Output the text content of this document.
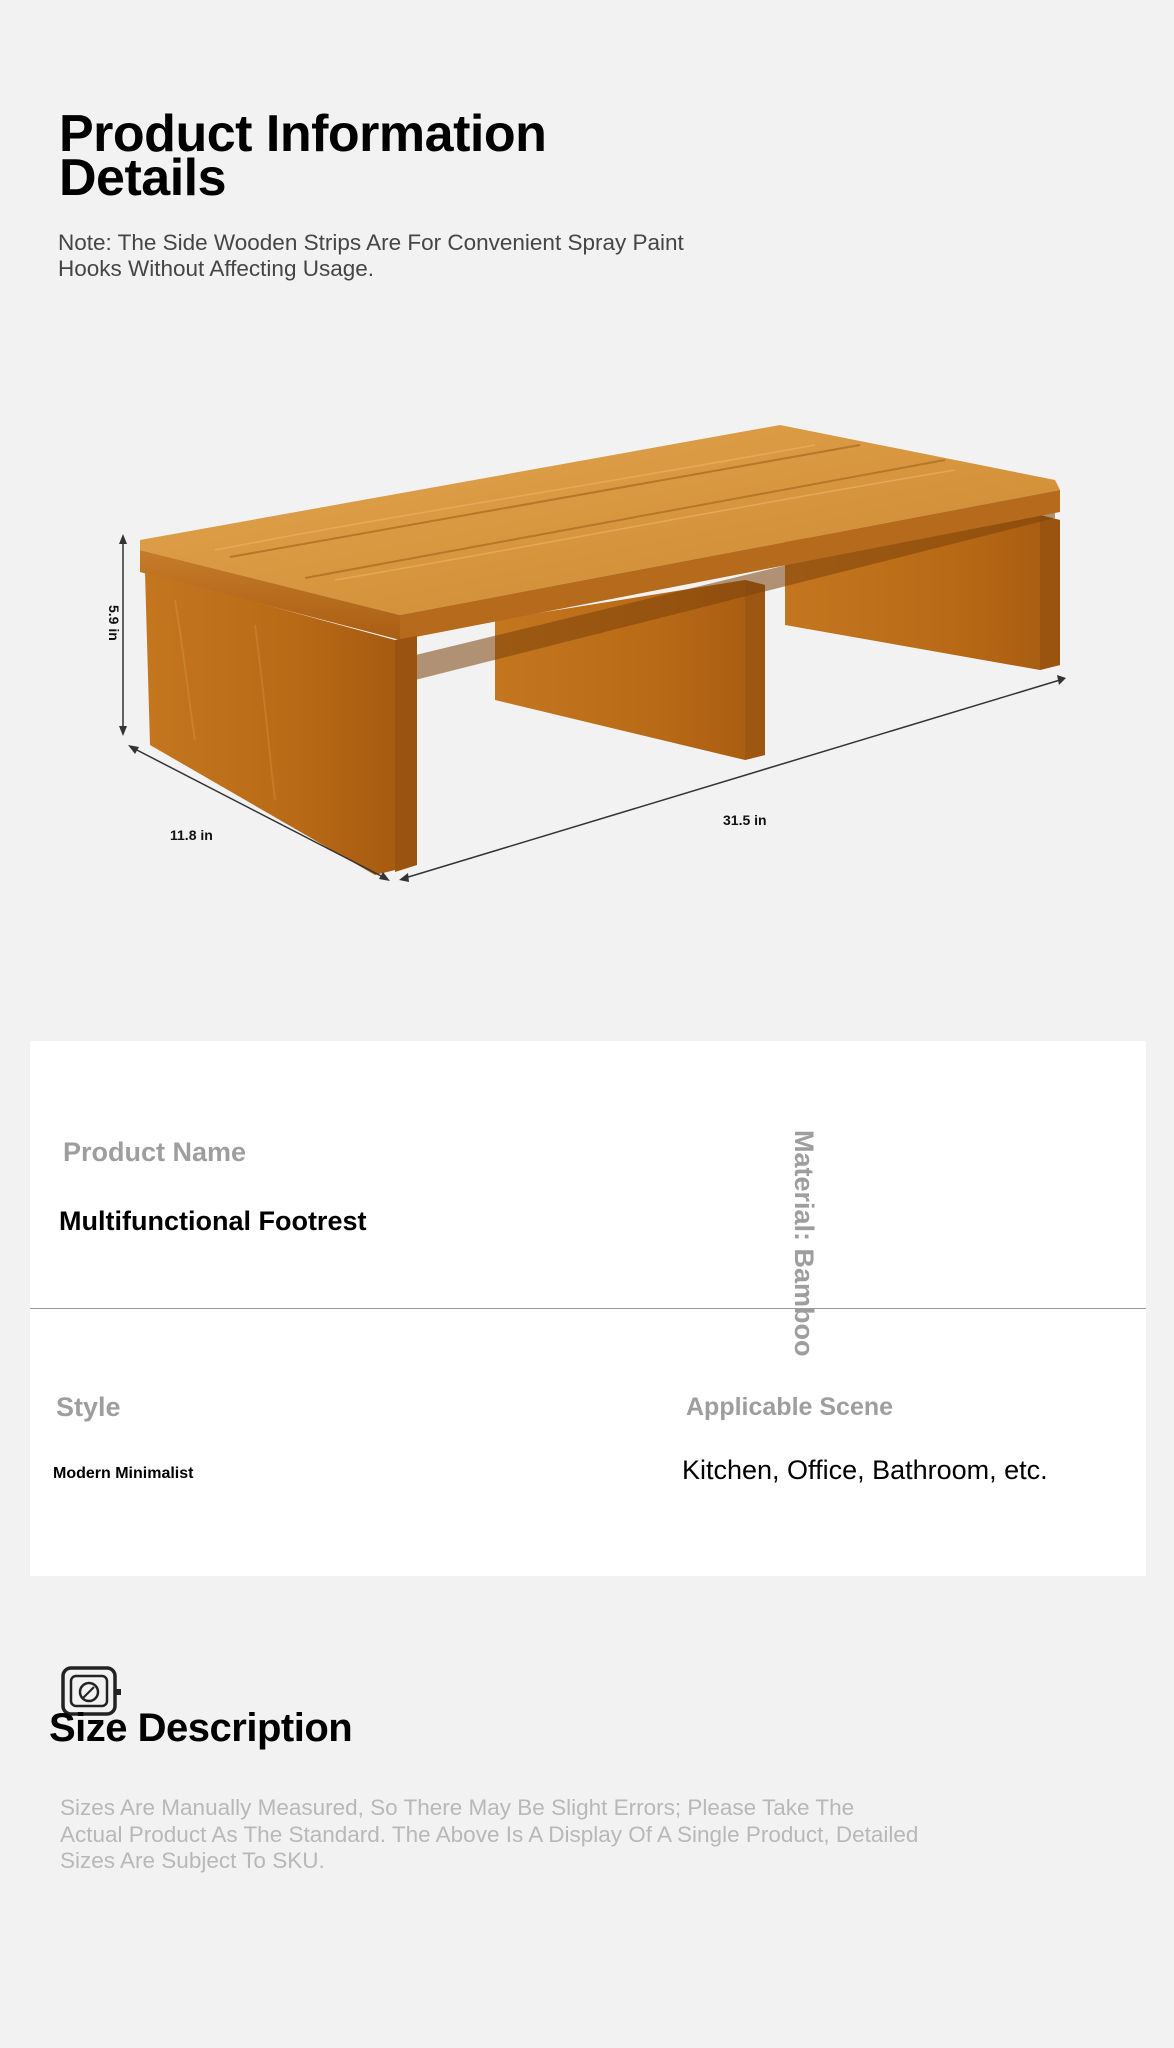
Product Information Details
Note: The Side Wooden Strips Are For Convenient Spray Paint Hooks Without Affecting Usage.
5.9 in
11.8 in
31.5 in
Product Name
Multifunctional Footrest	Material: Bamboo
Style
Modern Minimalist
Applicable Scene
Kitchen, Office, Bathroom, etc.
Size Description
Sizes Are Manually Measured, So There May Be Slight Errors; Please Take The Actual Product As The Standard. The Above Is A Display Of A Single Product, Detailed Sizes Are Subject To SKU.
